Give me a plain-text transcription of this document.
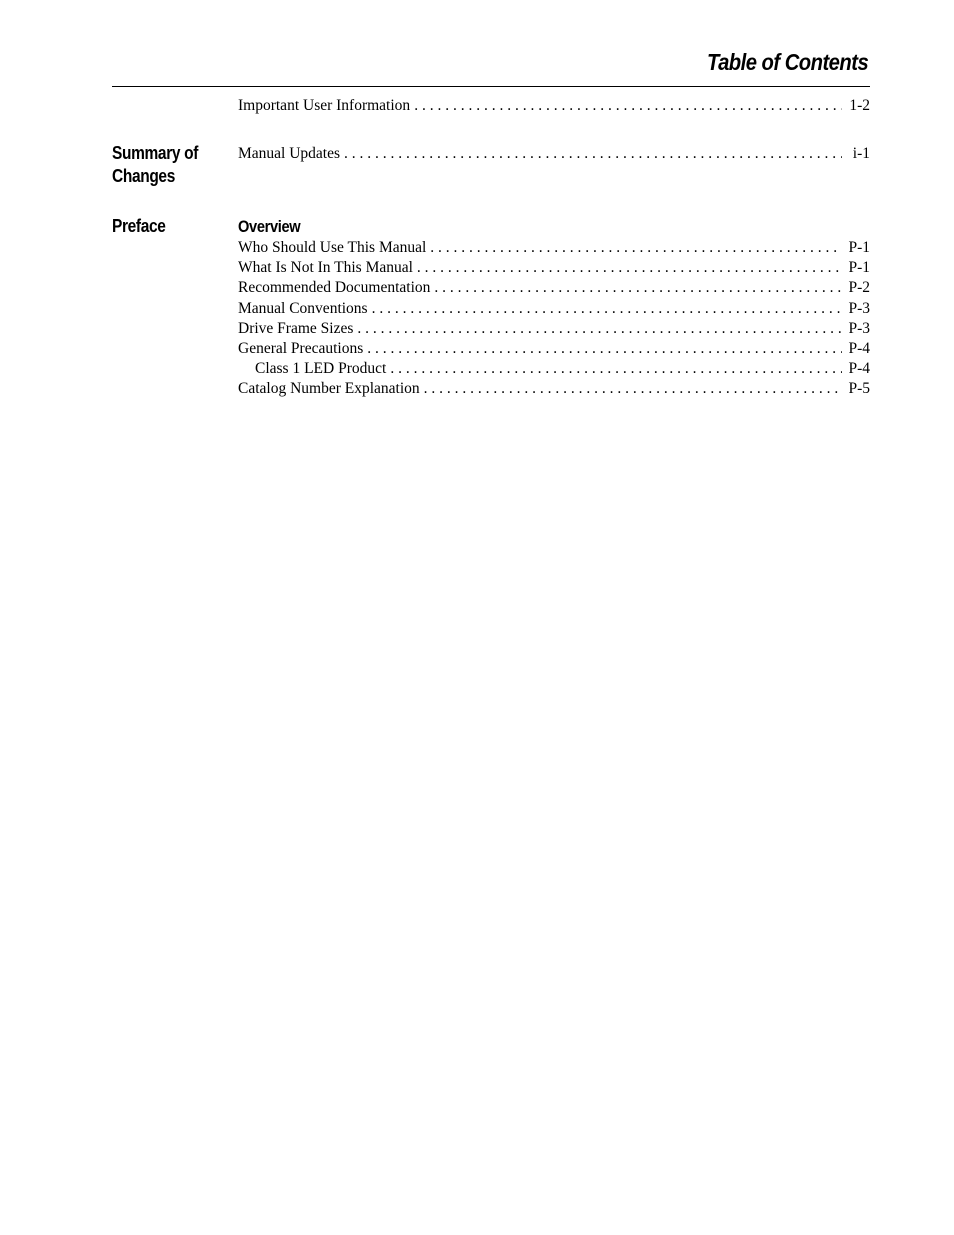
Table of Contents
Important User Information . . .	1-2
Summary of
Changes
Manual Updates . . .	i-1
Preface	Overview
Who Should Use This Manual . . .	P-1
What Is Not In This Manual . . .	P-1
Recommended Documentation . . .	P-2
Manual Conventions . . .	P-3
Drive Frame Sizes . . .	P-3
General Precautions . . .	P-4
Class 1 LED Product . . .	P-4
Catalog Number Explanation . . .	P-5
